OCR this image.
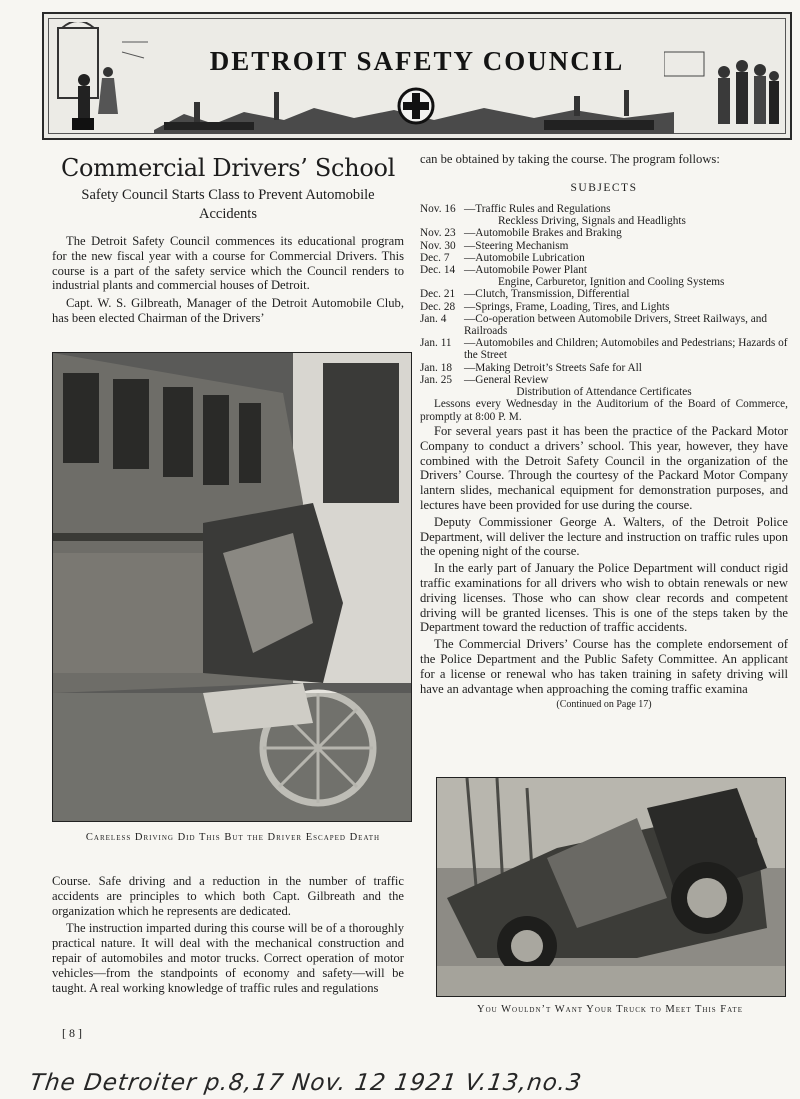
DETROIT SAFETY COUNCIL
Commercial Drivers’ School
Safety Council Starts Class to Prevent Automobile Accidents

The Detroit Safety Council commences its educational program for the new fiscal year with a course for Commercial Drivers. This course is a part of the safety service which the Council renders to industrial plants and commercial houses of Detroit.

Capt. W. S. Gilbreath, Manager of the Detroit Automobile Club, has been elected Chairman of the Drivers’

Careless Driving Did This But the Driver Escaped Death

Course. Safe driving and a reduction in the number of traffic accidents are principles to which both Capt. Gilbreath and the organization which he represents are dedicated.

The instruction imparted during this course will be of a thoroughly practical nature. It will deal with the mechanical construction and repair of automobiles and motor trucks. Correct operation of motor vehicles—from the standpoints of economy and safety—will be taught. A real working knowledge of traffic rules and regulations

can be obtained by taking the course. The program follows:

SUBJECTS
Nov. 16 —Traffic Rules and Regulations
Reckless Driving, Signals and Headlights
Nov. 23 —Automobile Brakes and Braking
Nov. 30 —Steering Mechanism
Dec. 7	—Automobile Lubrication
Dec. 14 —Automobile Power Plant
Engine, Carburetor, Ignition and Cooling Systems
Dec. 21 —Clutch, Transmission, Differential
Dec. 28 —Springs, Frame, Loading, Tires, and Lights
Jan. 4	—Co-operation between Automobile Drivers, Street Railways, and Railroads
Jan. 11	—Automobiles and Children; Automobiles and Pedestrians; Hazards of the Street
Jan. 18	—Making Detroit’s Streets Safe for All
Jan. 25	—General Review
Distribution of Attendance Certificates
Lessons every Wednesday in the Auditorium of the Board of Commerce, promptly at 8:00 P. M.

For several years past it has been the practice of the Packard Motor Company to conduct a drivers’ school. This year, however, they have combined with the Detroit Safety Council in the organization of the Drivers’ Course. Through the courtesy of the Packard Motor Company lantern slides, mechanical equipment for demonstration purposes, and lectures have been provided for use during the course.

Deputy Commissioner George A. Walters, of the Detroit Police Department, will deliver the lecture and instruction on traffic rules upon the opening night of the course.

In the early part of January the Police Department will conduct rigid traffic examinations for all drivers who wish to obtain renewals or new driving licenses. Those who can show clear records and competent driving will be granted licenses. This is one of the steps taken by the Department toward the reduction of traffic accidents.

The Commercial Drivers’ Course has the complete endorsement of the Police Department and the Public Safety Committee. An applicant for a license or renewal who has taken training in safety driving will have an advantage when approaching the coming traffic examina

(Continued on Page 17)

You Wouldn’t Want Your Truck to Meet This Fate

[ 8 ]
The Detroiter p.8,17 Nov. 12 1921 V.13,no.3
